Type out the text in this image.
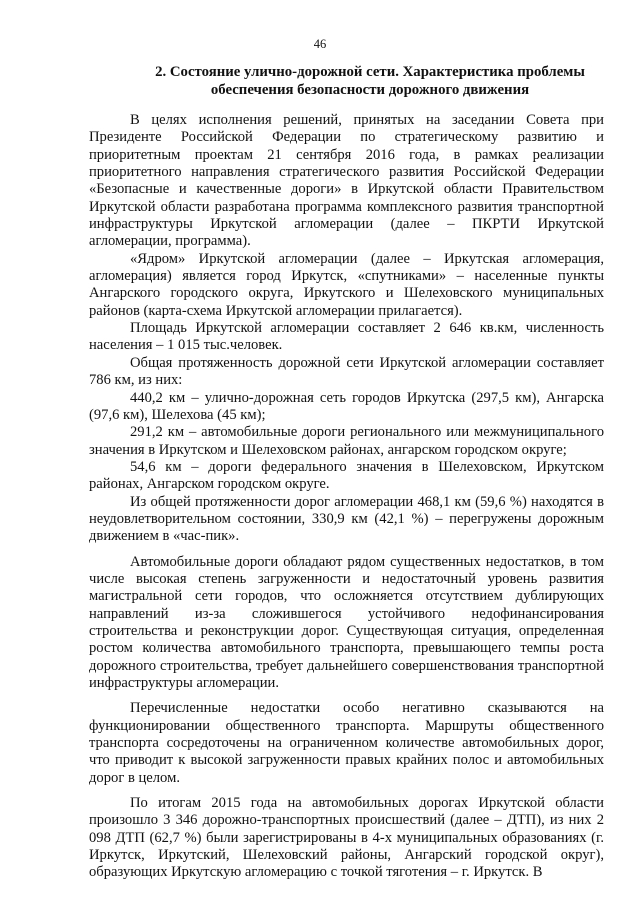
46
2. Состояние улично-дорожной сети. Характеристика проблемы
обеспечения безопасности дорожного движения

В целях исполнения решений, принятых на заседании Совета при Президенте Российской Федерации по стратегическому развитию и приоритетным проектам 21 сентября 2016 года, в рамках реализации приоритетного направления стратегического развития Российской Федерации «Безопасные и качественные дороги» в Иркутской области Правительством Иркутской области разработана программа комплексного развития транспортной инфраструктуры Иркутской агломерации (далее – ПКРТИ Иркутской агломерации, программа).

«Ядром» Иркутской агломерации (далее – Иркутская агломерация, агломерация) является город Иркутск, «спутниками» – населенные пункты Ангарского городского округа, Иркутского и Шелеховского муниципальных районов (карта-схема Иркутской агломерации прилагается).

Площадь Иркутской агломерации составляет 2 646 кв.км, численность населения – 1 015 тыс.человек.

Общая протяженность дорожной сети Иркутской агломерации составляет 786 км, из них:

440,2 км – улично-дорожная сеть городов Иркутска (297,5 км), Ангарска (97,6 км), Шелехова (45 км);

291,2 км – автомобильные дороги регионального или межмуниципального значения в Иркутском и Шелеховском районах, ангарском городском округе;

54,6 км – дороги федерального значения в Шелеховском, Иркутском районах, Ангарском городском округе.

Из общей протяженности дорог агломерации 468,1 км (59,6 %) находятся в неудовлетворительном состоянии, 330,9 км (42,1 %) – перегружены дорожным движением в «час-пик».

Автомобильные дороги обладают рядом существенных недостатков, в том числе высокая степень загруженности и недостаточный уровень развития магистральной сети городов, что осложняется отсутствием дублирующих направлений из-за сложившегося устойчивого недофинансирования строительства и реконструкции дорог. Существующая ситуация, определенная ростом количества автомобильного транспорта, превышающего темпы роста дорожного строительства, требует дальнейшего совершенствования транспортной инфраструктуры агломерации.

Перечисленные недостатки особо негативно сказываются на функционировании общественного транспорта. Маршруты общественного транспорта сосредоточены на ограниченном количестве автомобильных дорог, что приводит к высокой загруженности правых крайних полос и автомобильных дорог в целом.

По итогам 2015 года на автомобильных дорогах Иркутской области произошло 3 346 дорожно-транспортных происшествий (далее – ДТП), из них 2 098 ДТП (62,7 %) были зарегистрированы в 4-х муниципальных образованиях (г. Иркутск, Иркутский, Шелеховский районы, Ангарский городской округ), образующих Иркутскую агломерацию с точкой тяготения – г. Иркутск. В
